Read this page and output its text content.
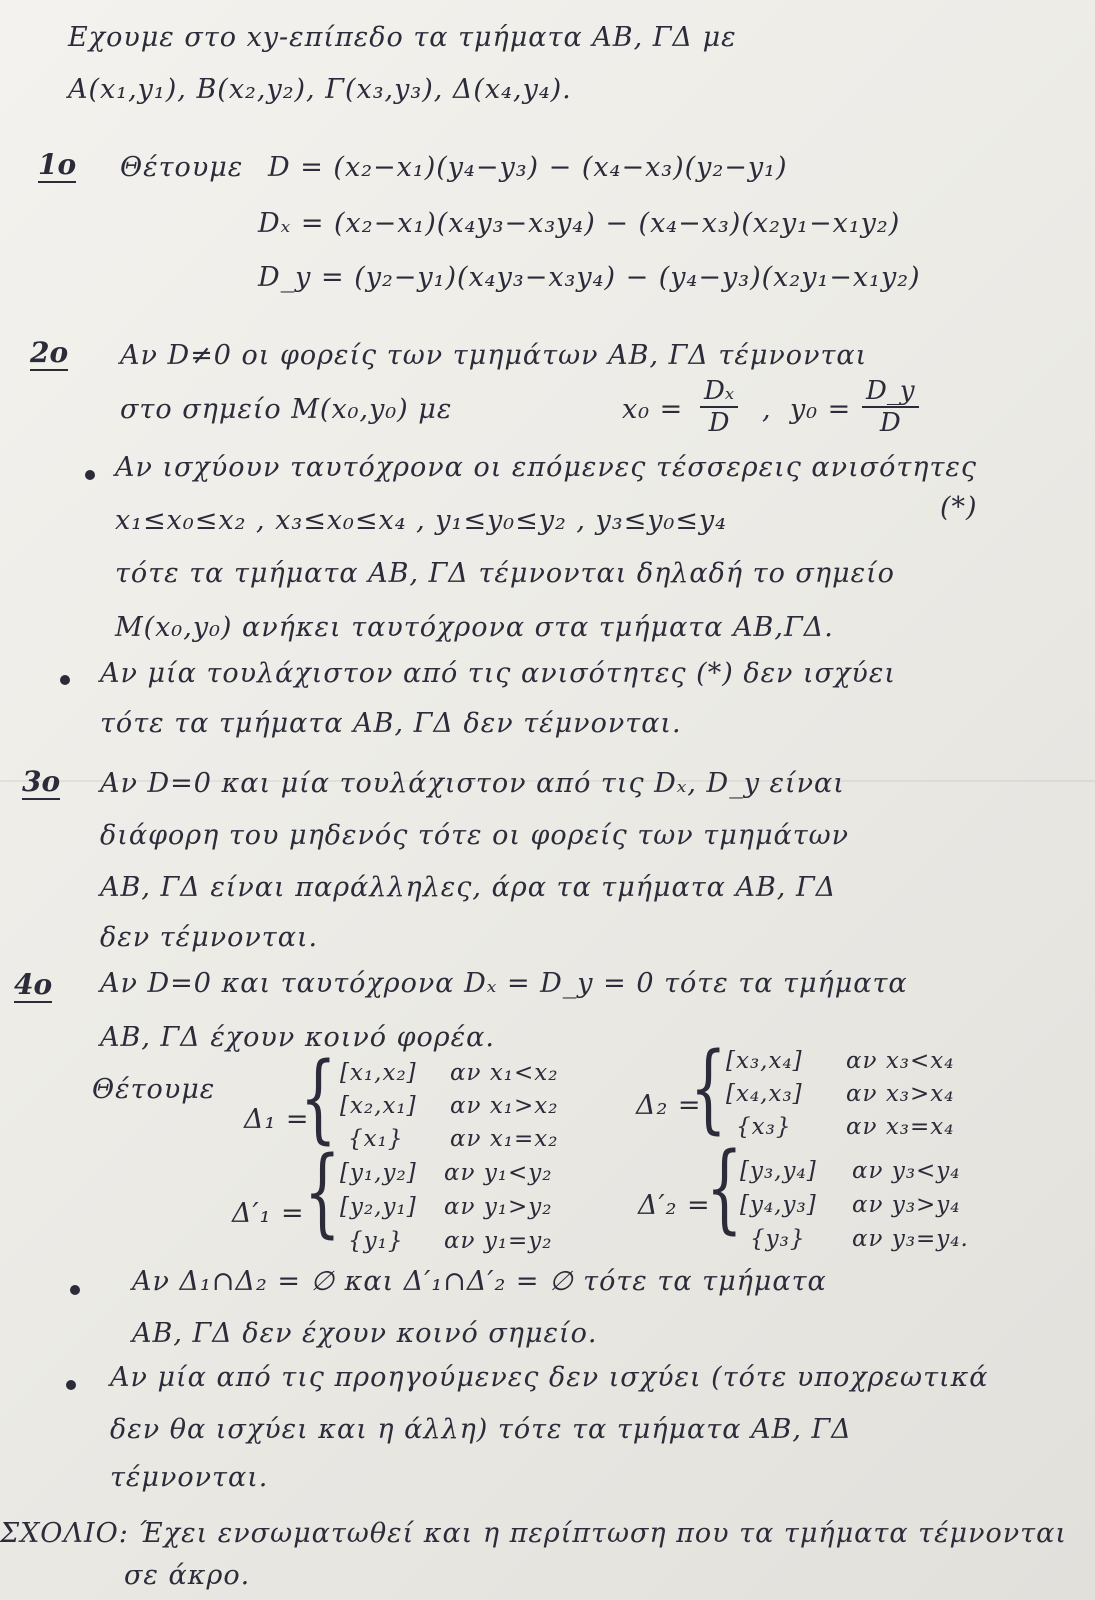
Εχουμε στο xy-επίπεδο τα τμήματα AB, ΓΔ με
A(x₁,y₁), B(x₂,y₂), Γ(x₃,y₃), Δ(x₄,y₄).
1ο Θέτουμε D = (x₂−x₁)(y₄−y₃) − (x₄−x₃)(y₂−y₁)
Dₓ = (x₂−x₁)(x₄y₃−x₃y₄) − (x₄−x₃)(x₂y₁−x₁y₂)
D_y = (y₂−y₁)(x₄y₃−x₃y₄) − (y₄−y₃)(x₂y₁−x₁y₂)
2ο Αν D≠0 οι φορείς των τμημάτων AB, ΓΔ τέμνονται
στο σημείο M(x₀,y₀) με	$x_0 = \frac{\text{Dₓ}}{D}$ , $y_0 = \frac{D\_y}{D}$
Αν ισχύουν ταυτόχρονα οι επόμενες τέσσερεις ανισότητες
x₁≤x₀≤x₂ , x₃≤x₀≤x₄ , y₁≤y₀≤y₂ , y₃≤y₀≤y₄	(*)
τότε τα τμήματα AB, ΓΔ τέμνονται δηλαδή το σημείο
M(x₀,y₀) ανήκει ταυτόχρονα στα τμήματα AB,ΓΔ.
Αν μία τουλάχιστον από τις ανισότητες (*) δεν ισχύει
τότε τα τμήματα AB, ΓΔ δεν τέμνονται.
3ο Αν D=0 και μία τουλάχιστον από τις Dₓ, D_y είναι
διάφορη του μηδενός τότε οι φορείς των τμημάτων
AB, ΓΔ είναι παράλληλες, άρα τα τμήματα AB, ΓΔ
δεν τέμνονται.
4ο Αν D=0 και ταυτόχρονα Dₓ = D_y = 0 τότε τα τμήματα
AB, ΓΔ έχουν κοινό φορέα.
Θέτουμε
Δ₁ =
{ [x₁,x₂] αν x₁<x₂
[x₂,x₁] αν x₁>x₂
{x₁} αν x₁=x₂
Δ₂ =
{ [x₃,x₄] αν x₃<x₄
[x₄,x₃] αν x₃>x₄
{x₃} αν x₃=x₄
Δ′₁ = { [y₁,y₂] αν y₁<y₂
[y₂,y₁] αν y₁>y₂
{y₁} αν y₁=y₂
Δ′₂ =
{
[y₃,y₄] αν y₃<y₄
[y₄,y₃] αν y₃>y₄
{y₃} αν y₃=y₄.
Αν Δ₁∩Δ₂ = ∅ και Δ′₁∩Δ′₂ = ∅ τότε τα τμήματα
AB, ΓΔ δεν έχουν κοινό σημείο.
Αν μία από τις προηγούμενες δεν ισχύει (τότε υποχρεωτικά
δεν θα ισχύει και η άλλη) τότε τα τμήματα AB, ΓΔ
τέμνονται.
ΣΧΟΛΙΟ: Έχει ενσωματωθεί και η περίπτωση που τα τμήματα τέμνονται
σε άκρο.
